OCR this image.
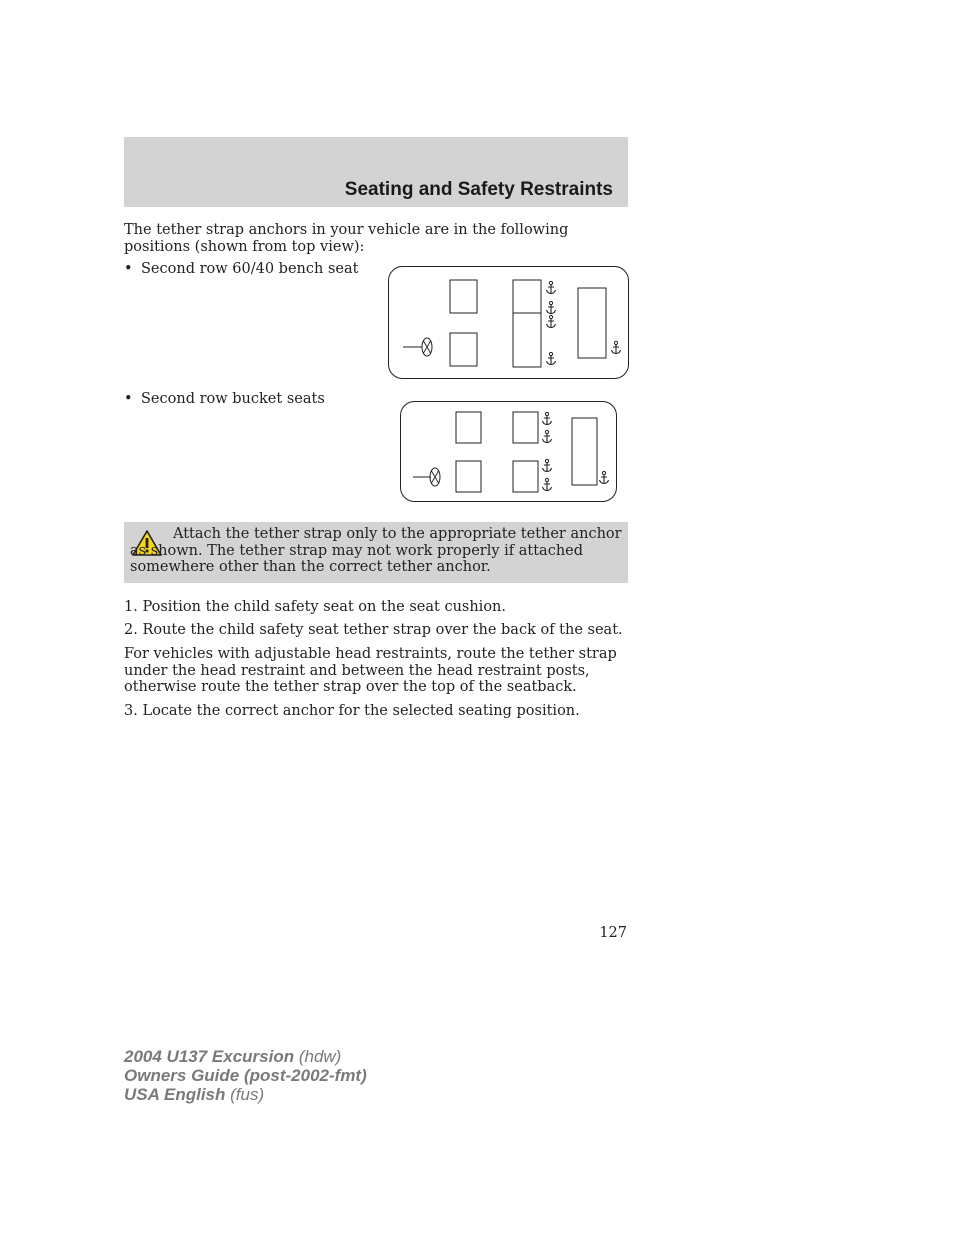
Seating and Safety Restraints

The tether strap anchors in your vehicle are in the following positions (shown from top view):

• Second row 60/40 bench seat

• Second row bucket seats

Attach the tether strap only to the appropriate tether anchor as shown. The tether strap may not work properly if attached somewhere other than the correct tether anchor.

1. Position the child safety seat on the seat cushion.

2. Route the child safety seat tether strap over the back of the seat.

For vehicles with adjustable head restraints, route the tether strap under the head restraint and between the head restraint posts, otherwise route the tether strap over the top of the seatback.

3. Locate the correct anchor for the selected seating position.

127

2004 U137 Excursion (hdw)
Owners Guide (post-2002-fmt)
USA English (fus)
